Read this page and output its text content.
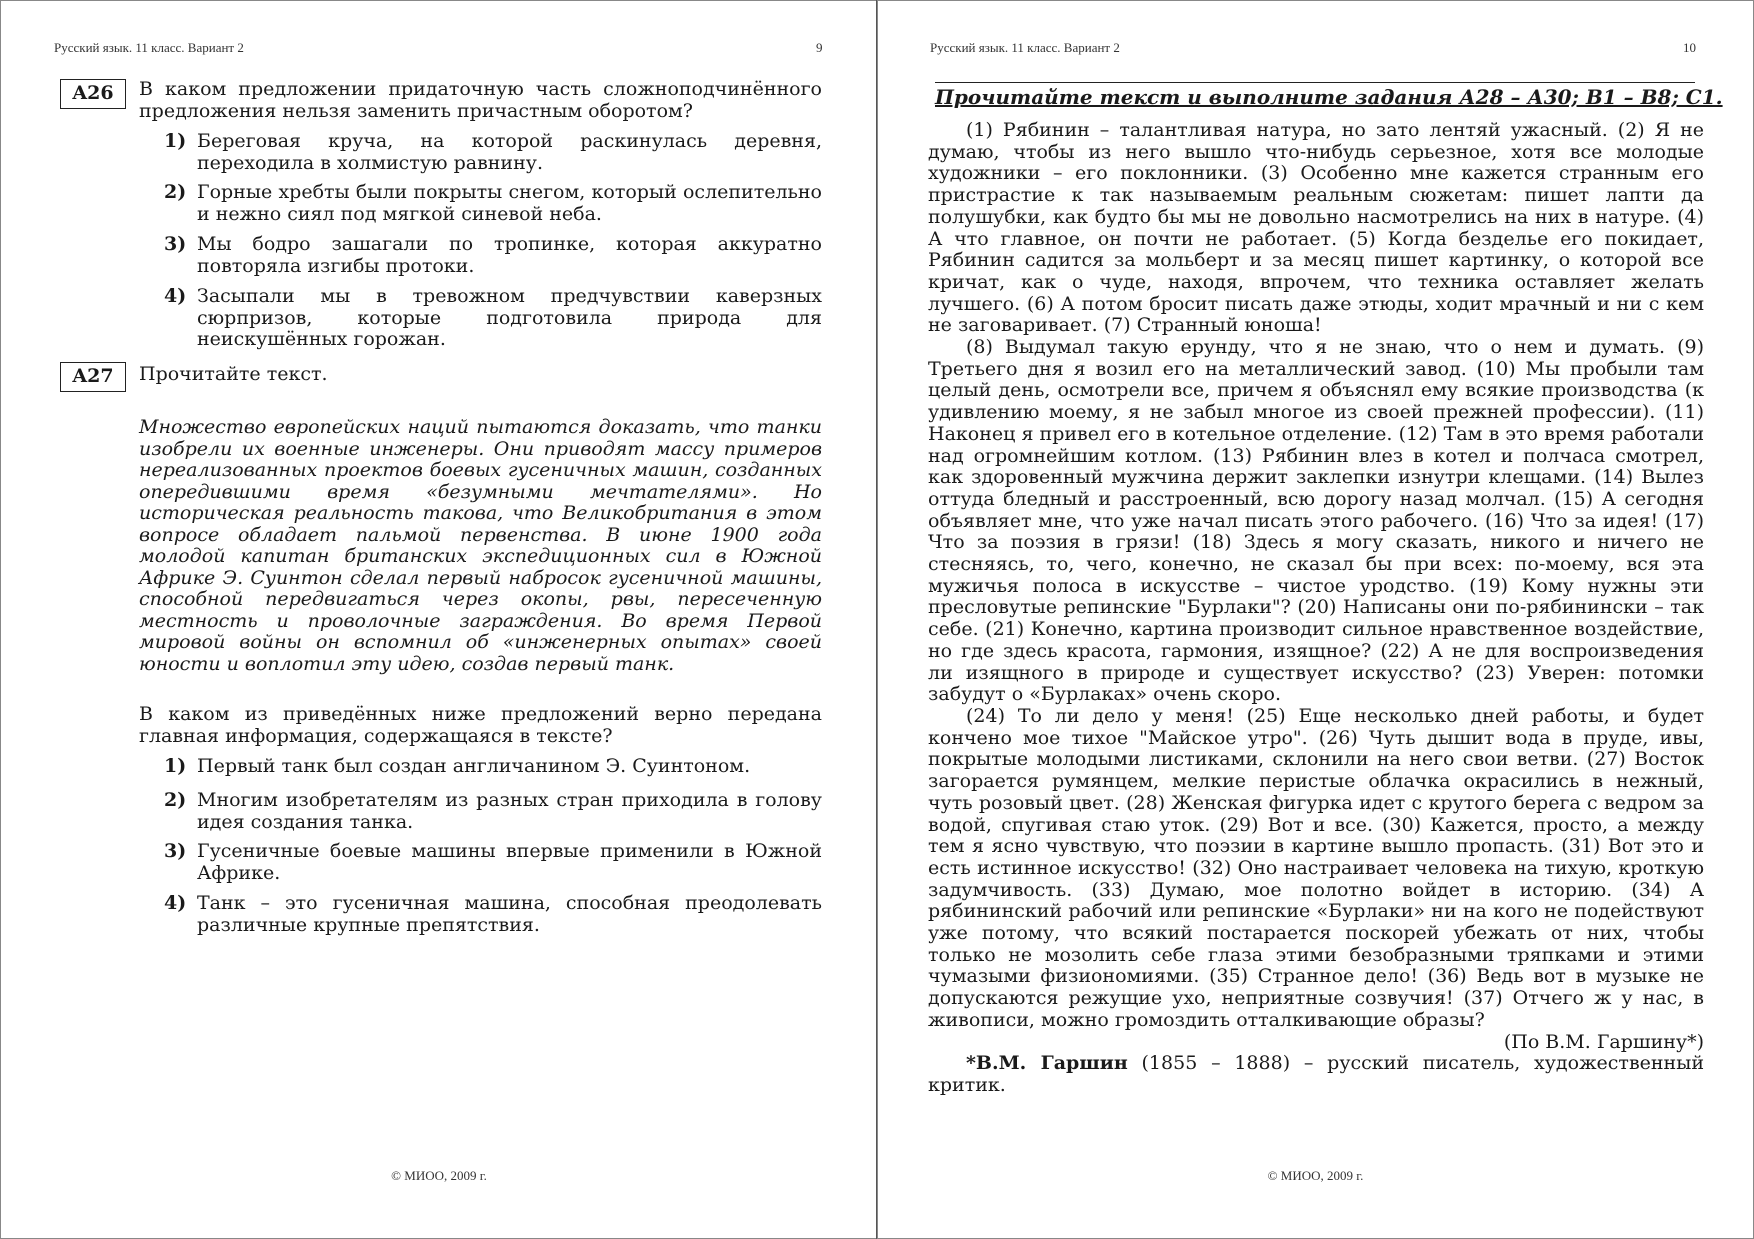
Русский язык. 11 класс. Вариант 2	9
A26	В каком предложении придаточную часть сложноподчинённого предложения нельзя заменить причастным оборотом?
1) Береговая круча, на которой раскинулась деревня, переходила в холмистую равнину.
2) Горные хребты были покрыты снегом, который ослепительно и нежно сиял под мягкой синевой неба.
3) Мы бодро зашагали по тропинке, которая аккуратно повторяла изгибы протоки.
4) Засыпали мы в тревожном предчувствии каверзных сюрпризов, которые подготовила природа для неискушённых горожан.
A27	Прочитайте текст.
Множество европейских наций пытаются доказать, что танки изобрели их военные инженеры. Они приводят массу примеров нереализованных проектов боевых гусеничных машин, созданных опередившими время «безумными мечтателями». Но историческая реальность такова, что Великобритания в этом вопросе обладает пальмой первенства. В июне 1900 года молодой капитан британских экспедиционных сил в Южной Африке Э. Суинтон сделал первый набросок гусеничной машины, способной передвигаться через окопы, рвы, пересеченную местность и проволочные заграждения. Во время Первой мировой войны он вспомнил об «инженерных опытах» своей юности и воплотил эту идею, создав первый танк.
В каком из приведённых ниже предложений верно передана главная информация, содержащаяся в тексте?
1) Первый танк был создан англичанином Э. Суинтоном.
2) Многим изобретателям из разных стран приходила в голову идея создания танка.
3) Гусеничные боевые машины впервые применили в Южной Африке.
4) Танк – это гусеничная машина, способная преодолевать различные крупные препятствия.
© МИОО, 2009 г.
Русский язык. 11 класс. Вариант 2	10
© МИОО, 2009 г.
Прочитайте текст и выполните задания А28 – А30; В1 – В8; С1.

(1) Рябинин – талантливая натура, но зато лентяй ужасный. (2) Я не думаю, чтобы из него вышло что-нибудь серьезное, хотя все молодые художники – его поклонники. (3) Особенно мне кажется странным его пристрастие к так называемым реальным сюжетам: пишет лапти да полушубки, как будто бы мы не довольно насмотрелись на них в натуре. (4) А что главное, он почти не работает. (5) Когда безделье его покидает, Рябинин садится за мольберт и за месяц пишет картинку, о которой все кричат, как о чуде, находя, впрочем, что техника оставляет желать лучшего. (6) А потом бросит писать даже этюды, ходит мрачный и ни с кем не заговаривает. (7) Странный юноша!

(8) Выдумал такую ерунду, что я не знаю, что о нем и думать. (9) Третьего дня я возил его на металлический завод. (10) Мы пробыли там целый день, осмотрели все, причем я объяснял ему всякие производства (к удивлению моему, я не забыл многое из своей прежней профессии). (11) Наконец я привел его в котельное отделение. (12) Там в это время работали над огромнейшим котлом. (13) Рябинин влез в котел и полчаса смотрел, как здоровенный мужчина держит заклепки изнутри клещами. (14) Вылез оттуда бледный и расстроенный, всю дорогу назад молчал. (15) А сегодня объявляет мне, что уже начал писать этого рабочего. (16) Что за идея! (17) Что за поэзия в грязи! (18) Здесь я могу сказать, никого и ничего не стесняясь, то, чего, конечно, не сказал бы при всех: по-моему, вся эта мужичья полоса в искусстве – чистое уродство. (19) Кому нужны эти пресловутые репинские "Бурлаки"? (20) Написаны они по-рябинински – так себе. (21) Конечно, картина производит сильное нравственное воздействие, но где здесь красота, гармония, изящное? (22) А не для воспроизведения ли изящного в природе и существует искусство? (23) Уверен: потомки забудут о «Бурлаках» очень скоро.

(24) То ли дело у меня! (25) Еще несколько дней работы, и будет кончено мое тихое "Майское утро". (26) Чуть дышит вода в пруде, ивы, покрытые молодыми листиками, склонили на него свои ветви. (27) Восток загорается румянцем, мелкие перистые облачка окрасились в нежный, чуть розовый цвет. (28) Женская фигурка идет с крутого берега с ведром за водой, спугивая стаю уток. (29) Вот и все. (30) Кажется, просто, а между тем я ясно чувствую, что поэзии в картине вышло пропасть. (31) Вот это и есть истинное искусство! (32) Оно настраивает человека на тихую, кроткую задумчивость. (33) Думаю, мое полотно войдет в историю. (34) А рябининский рабочий или репинские «Бурлаки» ни на кого не подействуют уже потому, что всякий постарается поскорей убежать от них, чтобы только не мозолить себе глаза этими безобразными тряпками и этими чумазыми физиономиями. (35) Странное дело! (36) Ведь вот в музыке не допускаются режущие ухо, неприятные созвучия! (37) Отчего ж у нас, в живописи, можно громоздить отталкивающие образы?

(По В.М. Гаршину*)

*В.М. Гаршин (1855 – 1888) – русский писатель, художественный критик.
